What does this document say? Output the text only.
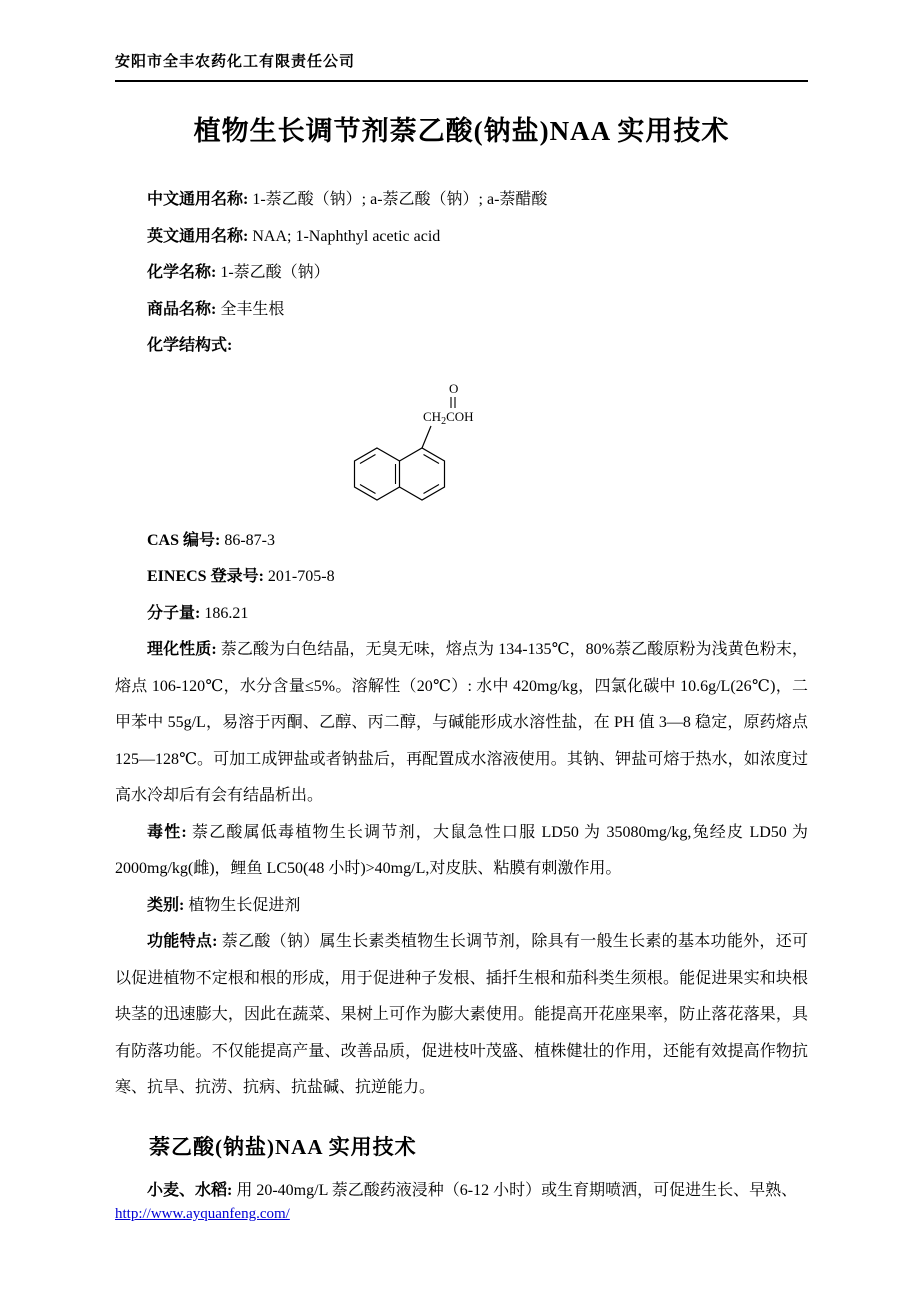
安阳市全丰农药化工有限责任公司
植物生长调节剂萘乙酸(钠盐)NAA 实用技术

中文通用名称: 1-萘乙酸（钠）; a-萘乙酸（钠）; a-萘醋酸

英文通用名称: NAA; 1-Naphthyl acetic acid

化学名称: 1-萘乙酸（钠）

商品名称: 全丰生根

化学结构式:

O
$CH_2COH$

CAS 编号: 86-87-3

EINECS 登录号: 201-705-8

分子量: 186.21

理化性质: 萘乙酸为白色结晶，无臭无味，熔点为 134-135℃，80%萘乙酸原粉为浅黄色粉末，熔点 106-120℃，水分含量≤5%。溶解性（20℃）: 水中 420mg/kg，四氯化碳中 10.6g/L(26℃)，二甲苯中 55g/L，易溶于丙酮、乙醇、丙二醇，与碱能形成水溶性盐，在 PH 值 3—8 稳定，原药熔点 125—128℃。可加工成钾盐或者钠盐后，再配置成水溶液使用。其钠、钾盐可熔于热水，如浓度过高水冷却后有会有结晶析出。

毒性: 萘乙酸属低毒植物生长调节剂，大鼠急性口服 LD50 为 35080mg/kg,兔经皮 LD50 为 2000mg/kg(雌)，鲤鱼 LC50(48 小时)>40mg/L,对皮肤、粘膜有刺激作用。

类别: 植物生长促进剂

功能特点: 萘乙酸（钠）属生长素类植物生长调节剂，除具有一般生长素的基本功能外，还可以促进植物不定根和根的形成，用于促进种子发根、插扦生根和茄科类生须根。能促进果实和块根块茎的迅速膨大，因此在蔬菜、果树上可作为膨大素使用。能提高开花座果率，防止落花落果，具有防落功能。不仅能提高产量、改善品质，促进枝叶茂盛、植株健壮的作用，还能有效提高作物抗寒、抗旱、抗涝、抗病、抗盐碱、抗逆能力。

萘乙酸(钠盐)NAA 实用技术

小麦、水稻: 用 20-40mg/L 萘乙酸药液浸种（6-12 小时）或生育期喷洒，可促进生长、早熟、

http://www.ayquanfeng.com/
